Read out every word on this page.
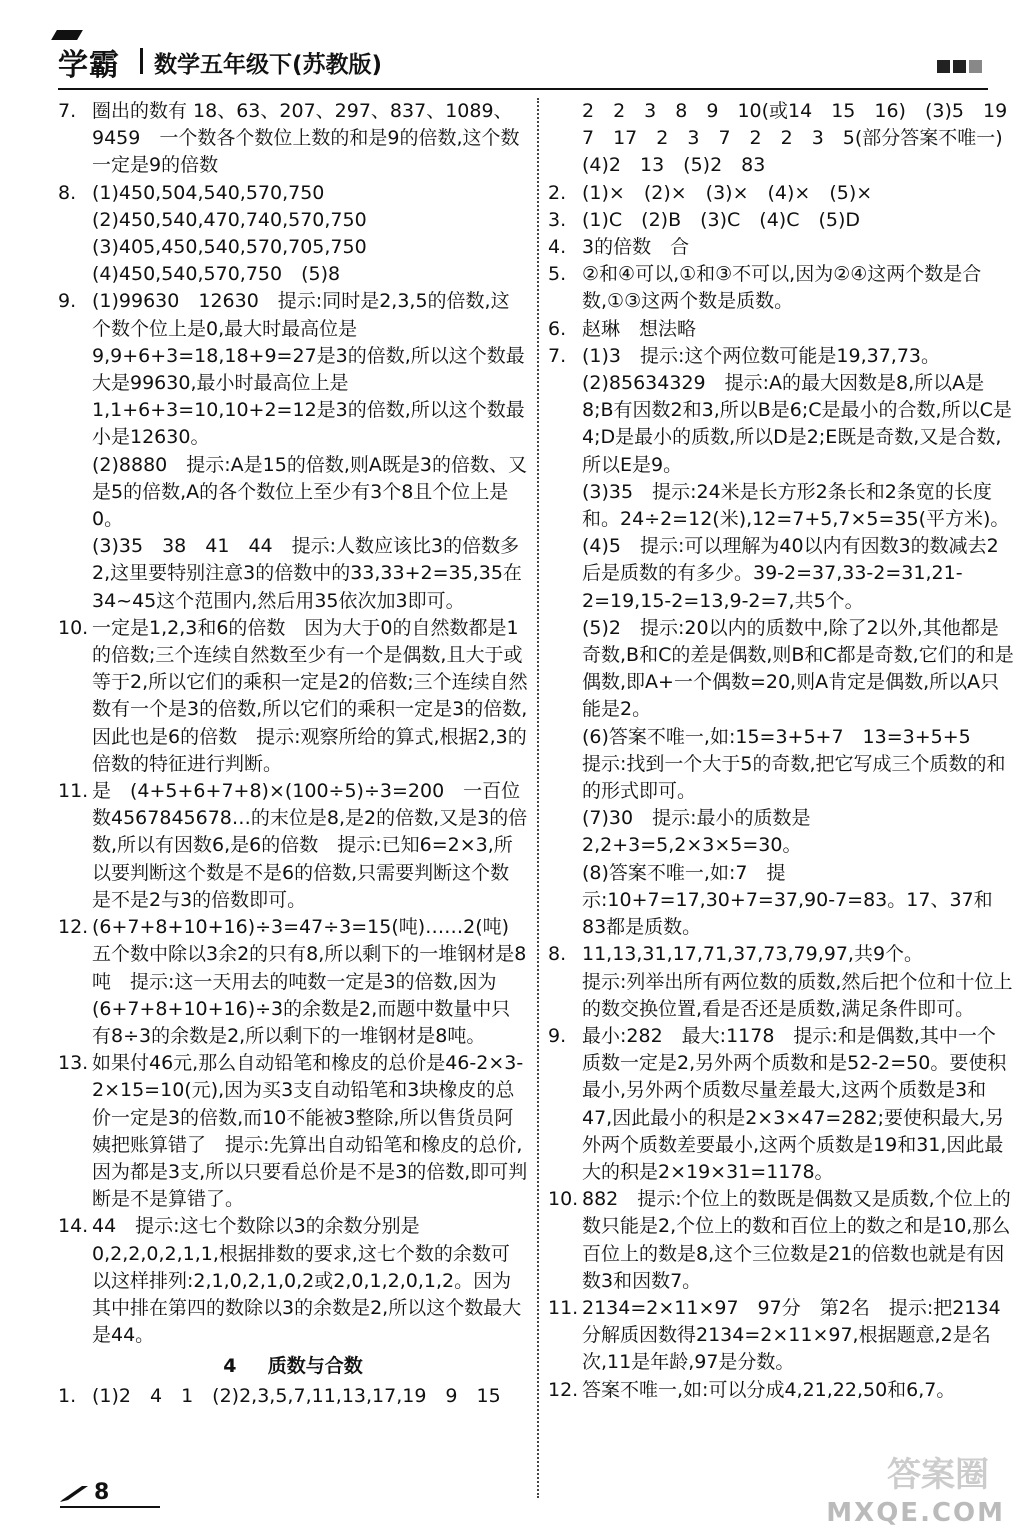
学霸 数学五年级下(苏教版)
7. 圈出的数有 18、63、207、297、837、1089、9459　一个数各个数位上数的和是9的倍数,这个数一定是9的倍数
8. (1)450,504,540,570,750　(2)450,540,470,740,570,750　(3)405,450,540,570,705,750
(4)450,540,570,750　(5)8
9. (1)99630　12630　提示:同时是2,3,5的倍数,这个数个位上是0,最大时最高位是9,9+6+3=18,18+9=27是3的倍数,所以这个数最大是99630,最小时最高位上是1,1+6+3=10,10+2=12是3的倍数,所以这个数最小是12630。
(2)8880　提示:A是15的倍数,则A既是3的倍数、又是5的倍数,A的各个数位上至少有3个8且个位上是0。
(3)35　38　41　44　提示:人数应该比3的倍数多2,这里要特别注意3的倍数中的33,33+2=35,35在34~45这个范围内,然后用35依次加3即可。
10. 一定是1,2,3和6的倍数　因为大于0的自然数都是1的倍数;三个连续自然数至少有一个是偶数,且大于或等于2,所以它们的乘积一定是2的倍数;三个连续自然数有一个是3的倍数,所以它们的乘积一定是3的倍数,因此也是6的倍数　提示:观察所给的算式,根据2,3的倍数的特征进行判断。
11. 是　(4+5+6+7+8)×(100÷5)÷3=200　一百位数4567845678…的末位是8,是2的倍数,又是3的倍数,所以有因数6,是6的倍数　提示:已知6=2×3,所以要判断这个数是不是6的倍数,只需要判断这个数是不是2与3的倍数即可。
12. (6+7+8+10+16)÷3=47÷3=15(吨)……2(吨)　五个数中除以3余2的只有8,所以剩下的一堆钢材是8吨　提示:这一天用去的吨数一定是3的倍数,因为(6+7+8+10+16)÷3的余数是2,而题中数量中只有8÷3的余数是2,所以剩下的一堆钢材是8吨。
13. 如果付46元,那么自动铅笔和橡皮的总价是46-2×3-2×15=10(元),因为买3支自动铅笔和3块橡皮的总价一定是3的倍数,而10不能被3整除,所以售货员阿姨把账算错了　提示:先算出自动铅笔和橡皮的总价,因为都是3支,所以只要看总价是不是3的倍数,即可判断是不是算错了。
14. 44　提示:这七个数除以3的余数分别是0,2,2,0,2,1,1,根据排数的要求,这七个数的余数可以这样排列:2,1,0,2,1,0,2或2,0,1,2,0,1,2。因为其中排在第四的数除以3的余数是2,所以这个数最大是44。
4 质数与合数
1. (1)2　4　1　(2)2,3,5,7,11,13,17,19　9　15
2　2　3　8　9　10(或14　15　16)　(3)5　19　7　17　2　3　7　2　2　3　5(部分答案不唯一)
(4)2　13　(5)2　83
2. (1)×　(2)×　(3)×　(4)×　(5)×
3. (1)C　(2)B　(3)C　(4)C　(5)D
4. 3的倍数　合
5. ②和④可以,①和③不可以,因为②④这两个数是合数,①③这两个数是质数。
6. 赵琳　想法略
7. (1)3　提示:这个两位数可能是19,37,73。
(2)85634329　提示:A的最大因数是8,所以A是8;B有因数2和3,所以B是6;C是最小的合数,所以C是4;D是最小的质数,所以D是2;E既是奇数,又是合数,所以E是9。
(3)35　提示:24米是长方形2条长和2条宽的长度和。24÷2=12(米),12=7+5,7×5=35(平方米)。
(4)5　提示:可以理解为40以内有因数3的数减去2后是质数的有多少。39-2=37,33-2=31,21-2=19,15-2=13,9-2=7,共5个。
(5)2　提示:20以内的质数中,除了2以外,其他都是奇数,B和C的差是偶数,则B和C都是奇数,它们的和是偶数,即A+一个偶数=20,则A肯定是偶数,所以A只能是2。
(6)答案不唯一,如:15=3+5+7　13=3+5+5
提示:找到一个大于5的奇数,把它写成三个质数的和的形式即可。
(7)30　提示:最小的质数是2,2+3=5,2×3×5=30。
(8)答案不唯一,如:7　提示:10+7=17,30+7=37,90-7=83。17、37和83都是质数。
8. 11,13,31,17,71,37,73,79,97,共9个。
提示:列举出所有两位数的质数,然后把个位和十位上的数交换位置,看是否还是质数,满足条件即可。
9. 最小:282　最大:1178　提示:和是偶数,其中一个质数一定是2,另外两个质数和是52-2=50。要使积最小,另外两个质数尽量差最大,这两个质数是3和47,因此最小的积是2×3×47=282;要使积最大,另外两个质数差要最小,这两个质数是19和31,因此最大的积是2×19×31=1178。
10. 882　提示:个位上的数既是偶数又是质数,个位上的数只能是2,个位上的数和百位上的数之和是10,那么百位上的数是8,这个三位数是21的倍数也就是有因数3和因数7。
11. 2134=2×11×97　97分　第2名　提示:把2134分解质因数得2134=2×11×97,根据题意,2是名次,11是年龄,97是分数。
12. 答案不唯一,如:可以分成4,21,22,50和6,7。
8	答案圈
MXQE.COM
